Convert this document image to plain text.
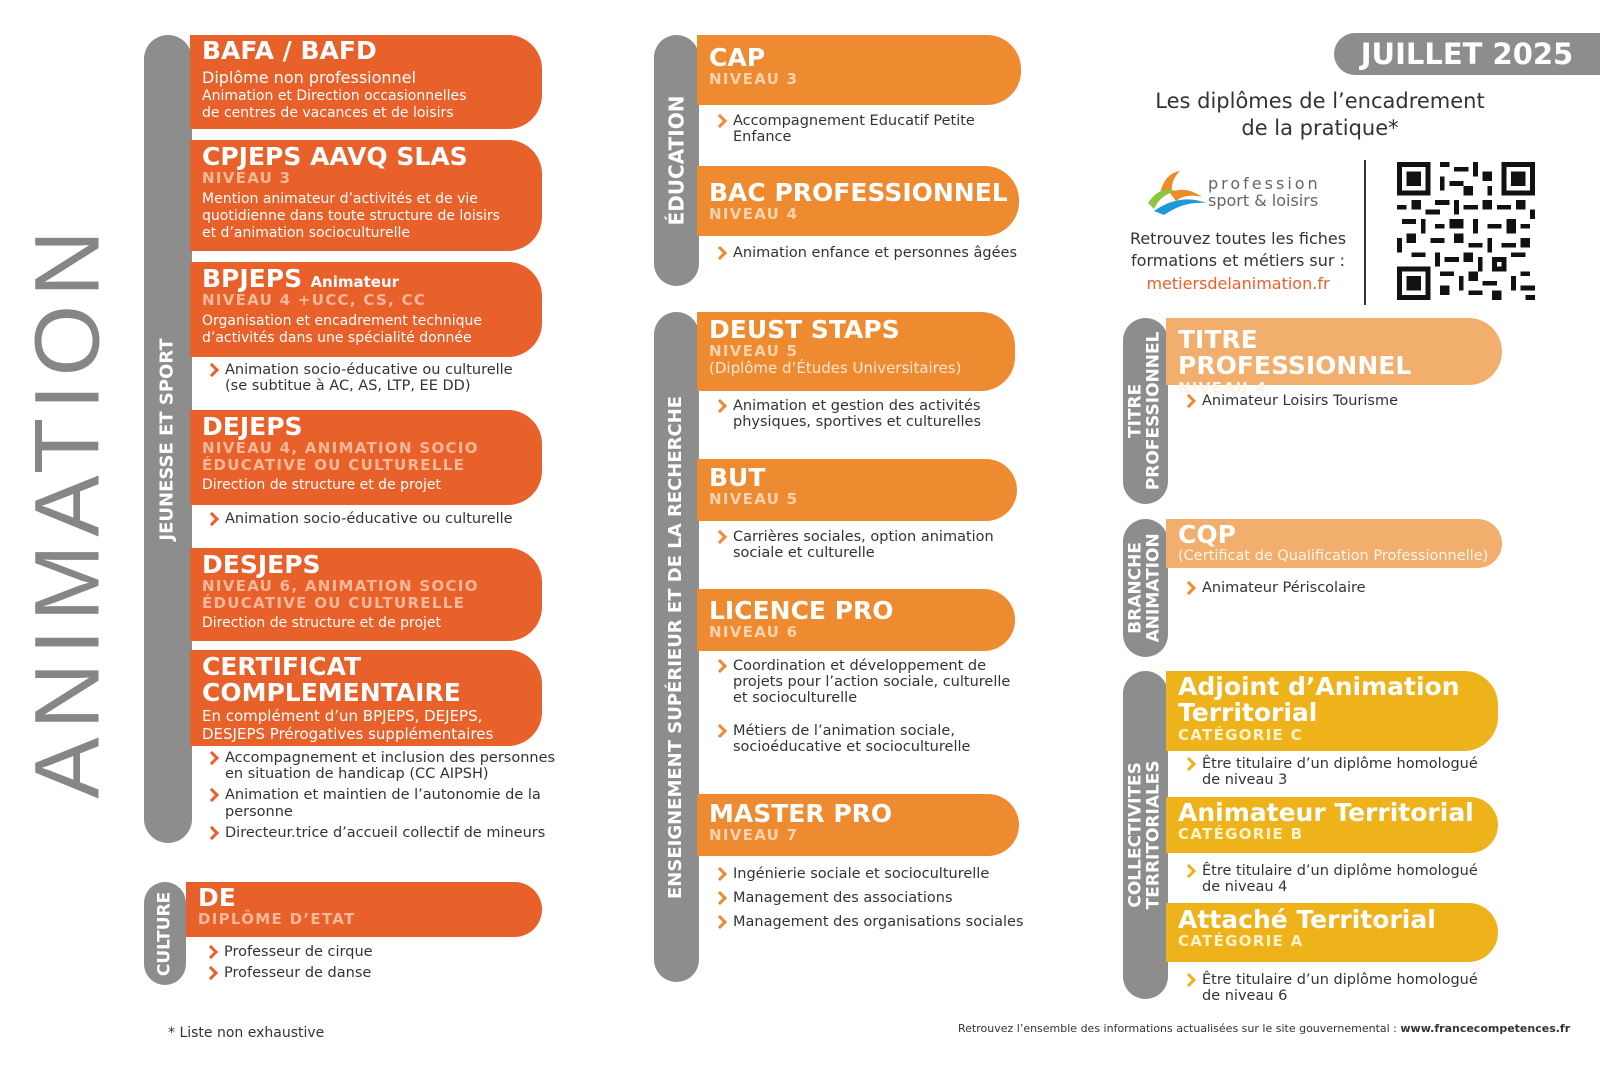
ANIMATION JEUNESSE ET SPORT
BAFA / BAFD
Diplôme non professionnel
Animation et Direction occasionnelles
de centres de vacances et de loisirs
CPJEPS AAVQ SLAS
NIVEAU 3
Mention animateur d’activités et de vie
quotidienne dans toute structure de loisirs
et d’animation socioculturelle
BPJEPS Animateur
NIVEAU 4 +UCC, CS, CC
Organisation et encadrement technique
d’activités dans une spécialité donnée
Animation socio-éducative ou culturelle
(se subtitue à AC, AS, LTP, EE DD)
DEJEPS
NIVEAU 4, ANIMATION SOCIO
ÉDUCATIVE OU CULTURELLE
Direction de structure et de projet
Animation socio-éducative ou culturelle
DESJEPS
NIVEAU 6, ANIMATION SOCIO
ÉDUCATIVE OU CULTURELLE
Direction de structure et de projet
CERTIFICAT
COMPLEMENTAIRE
En complément d’un BPJEPS, DEJEPS,
DESJEPS Prérogatives supplémentaires
Accompagnement et inclusion des personnes en situation de handicap (CC AIPSH)
Animation et maintien de l’autonomie de la personne
Directeur.trice d’accueil collectif de mineurs
CULTURE DE
DIPLÔME D’ETAT
Professeur de cirque
Professeur de danse
ÉDUCATION
CAP
NIVEAU 3
Accompagnement Educatif Petite Enfance
BAC PROFESSIONNEL
NIVEAU 4
Animation enfance et personnes âgées
ENSEIGNEMENT SUPÉRIEUR ET DE LA RECHERCHE
DEUST STAPS
NIVEAU 5
(Diplôme d’Études Universitaires)
Animation et gestion des activités physiques, sportives et culturelles
BUT
NIVEAU 5
Carrières sociales, option animation sociale et culturelle
LICENCE PRO
NIVEAU 6
Coordination et développement de projets pour l’action sociale, culturelle et socioculturelle
Métiers de l’animation sociale, socioéducative et socioculturelle
MASTER PRO
NIVEAU 7
Ingénierie sociale et socioculturelle
Management des associations
Management des organisations sociales
JUILLET 2025
Les diplômes de l’encadrement
de la pratique*
profession
sport & loisirs
Retrouvez toutes les fiches
formations et métiers sur :
metiersdelanimation.fr
TITRE
PROFESSIONNEL TITRE PROFESSIONNEL
NIVEAU 4
Animateur Loisirs Tourisme
BRANCHE
ANIMATION CQP
(Certificat de Qualification Professionnelle)
Animateur Périscolaire
COLLECTIVITES
TERRITORIALES
Adjoint d’Animation
Territorial
CATÉGORIE C
Être titulaire d’un diplôme homologué de niveau 3
Animateur Territorial
CATÉGORIE B
Être titulaire d’un diplôme homologué de niveau 4
Attaché Territorial
CATÉGORIE A
Être titulaire d’un diplôme homologué de niveau 6
* Liste non exhaustive	Retrouvez l’ensemble des informations actualisées sur le site gouvernemental : www.francecompetences.fr
